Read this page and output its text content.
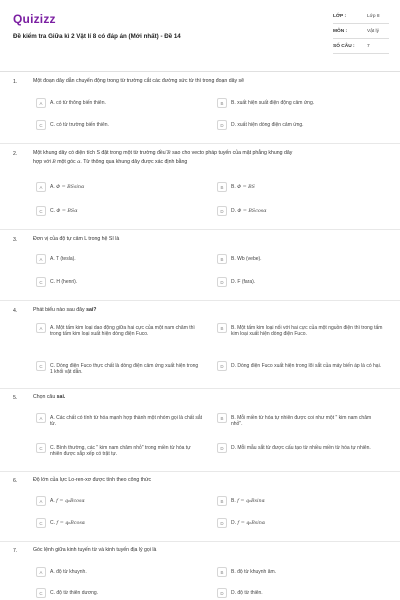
Quizizz
Đề kiểm tra Giữa kì 2 Vật lí 8 có đáp án (Mới nhất) - Đề 14
LỚP :	Lớp 8
MÔN :	Vật lý
SỐ CÂU :	7
1.	Một đoạn dây dẫn chuyển động trong từ trường cắt các đường sức từ thì trong đoạn dây sẽ
A	A. có từ thông biến thiên.	B	B. xuất hiện suất điện động cảm ứng.
C	C. có từ trường biến thiên.	D	D. xuất hiện dòng điện cảm ứng.
2.	Một khung dây có diện tích S đặt trong một từ trường đều B sao cho vecto pháp tuyến của mặt phẳng khung dây
hợp với B một góc α. Từ thông qua khung dây được xác định bằng
A	A. Φ = BSsinα	B	B. Φ = BS
C	C. Φ = BSα	D	D. Φ = BScosα
3.	Đơn vị của độ tự cảm L trong hệ SI là
A	A. T (tesla).	B	B. Wb (vebe).
C	C. H (henri).	D	D. F (fara).
4.	Phát biểu nào sau đây sai?
A	A. Một tấm kim loại dao động giữa hai cực của một nam châm thì trong tấm kim loại xuất hiện dòng điện Fuco.
B	B. Một tấm kim loại nối với hai cực của một nguồn điện thì trong tấm kim loại xuất hiện dòng điện Fuco.
C	C. Dòng điện Fuco thực chất là dòng điện cảm ứng xuất hiện trong 1 khối vật dẫn.
D	D. Dòng điện Fuco xuất hiện trong lõi sắt của máy biến áp là có hại.
5.	Chọn câu sai.
A	A. Các chất có tính từ hóa mạnh hợp thành một nhóm gọi là chất sắt từ.
B	B. Mỗi miền từ hóa tự nhiên được coi như một " kim nam châm nhỏ".
C	C. Bình thường, các " kim nam châm nhỏ" trong miền từ hóa tự nhiên được sắp xếp có trật tự.
D	D. Mỗi mẫu sắt từ được cấu tạo từ nhiều miền từ hóa tự nhiên.
6.	Độ lớn của lực Lo-ren-xơ được tính theo công thức
A	A. f = q₀Bcosα	B	B. f = q₀Bsinα
C	C. f = q₀Bcosα	D	D. f = q₀Bsinα
7.	Góc lệnh giữa kinh tuyến từ và kinh tuyến địa lý gọi là
A	A. độ từ khuynh.	B	B. độ từ khuynh âm.
C	C. độ từ thiên dương.	D	D. độ từ thiên.
